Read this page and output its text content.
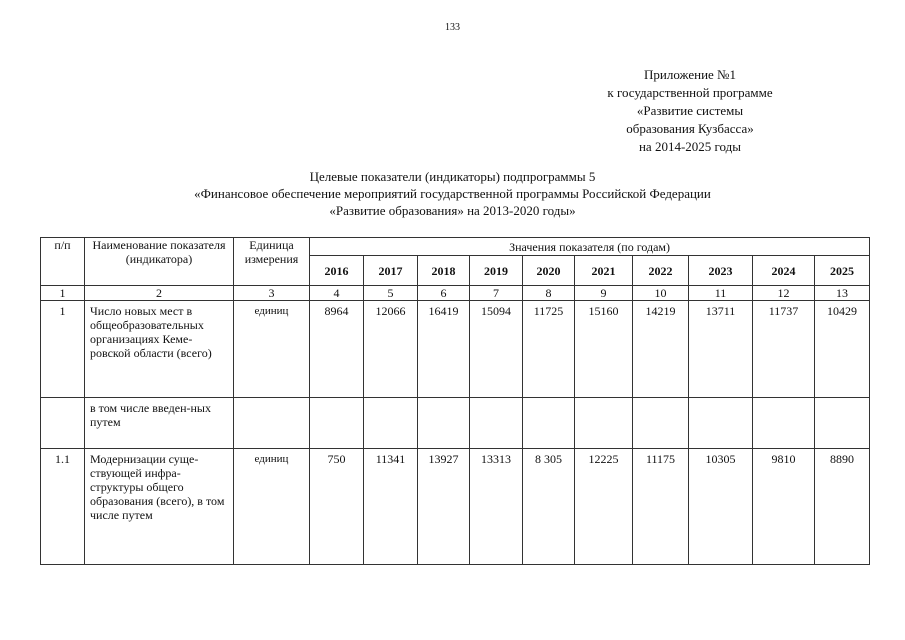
133
Приложение №1
к государственной программе
«Развитие системы
образования Кузбасса»
на 2014-2025 годы
Целевые показатели (индикаторы) подпрограммы 5
«Финансовое обеспечение мероприятий государственной программы Российской Федерации
«Развитие образования» на 2013-2020 годы»
п/п	Наименование показателя (индикатора)	Единица измерения	Значения показателя (по годам)									
			2016	2017	2018	2019	2020	2021	2022	2023	2024	2025
1	2	3	4	5	6	7	8	9	10	11	12	13
1	Число новых мест в общеобразовательных организациях Кеме-ровской области (всего)	единиц	8964	12066	16419	15094	11725	15160	14219	13711	11737	10429
	в том числе введен-ных путем											
1.1	Модернизации суще-ствующей инфра-структуры общего образования (всего), в том числе путем	единиц	750	11341	13927	13313	8 305	12225	11175	10305	9810	8890
